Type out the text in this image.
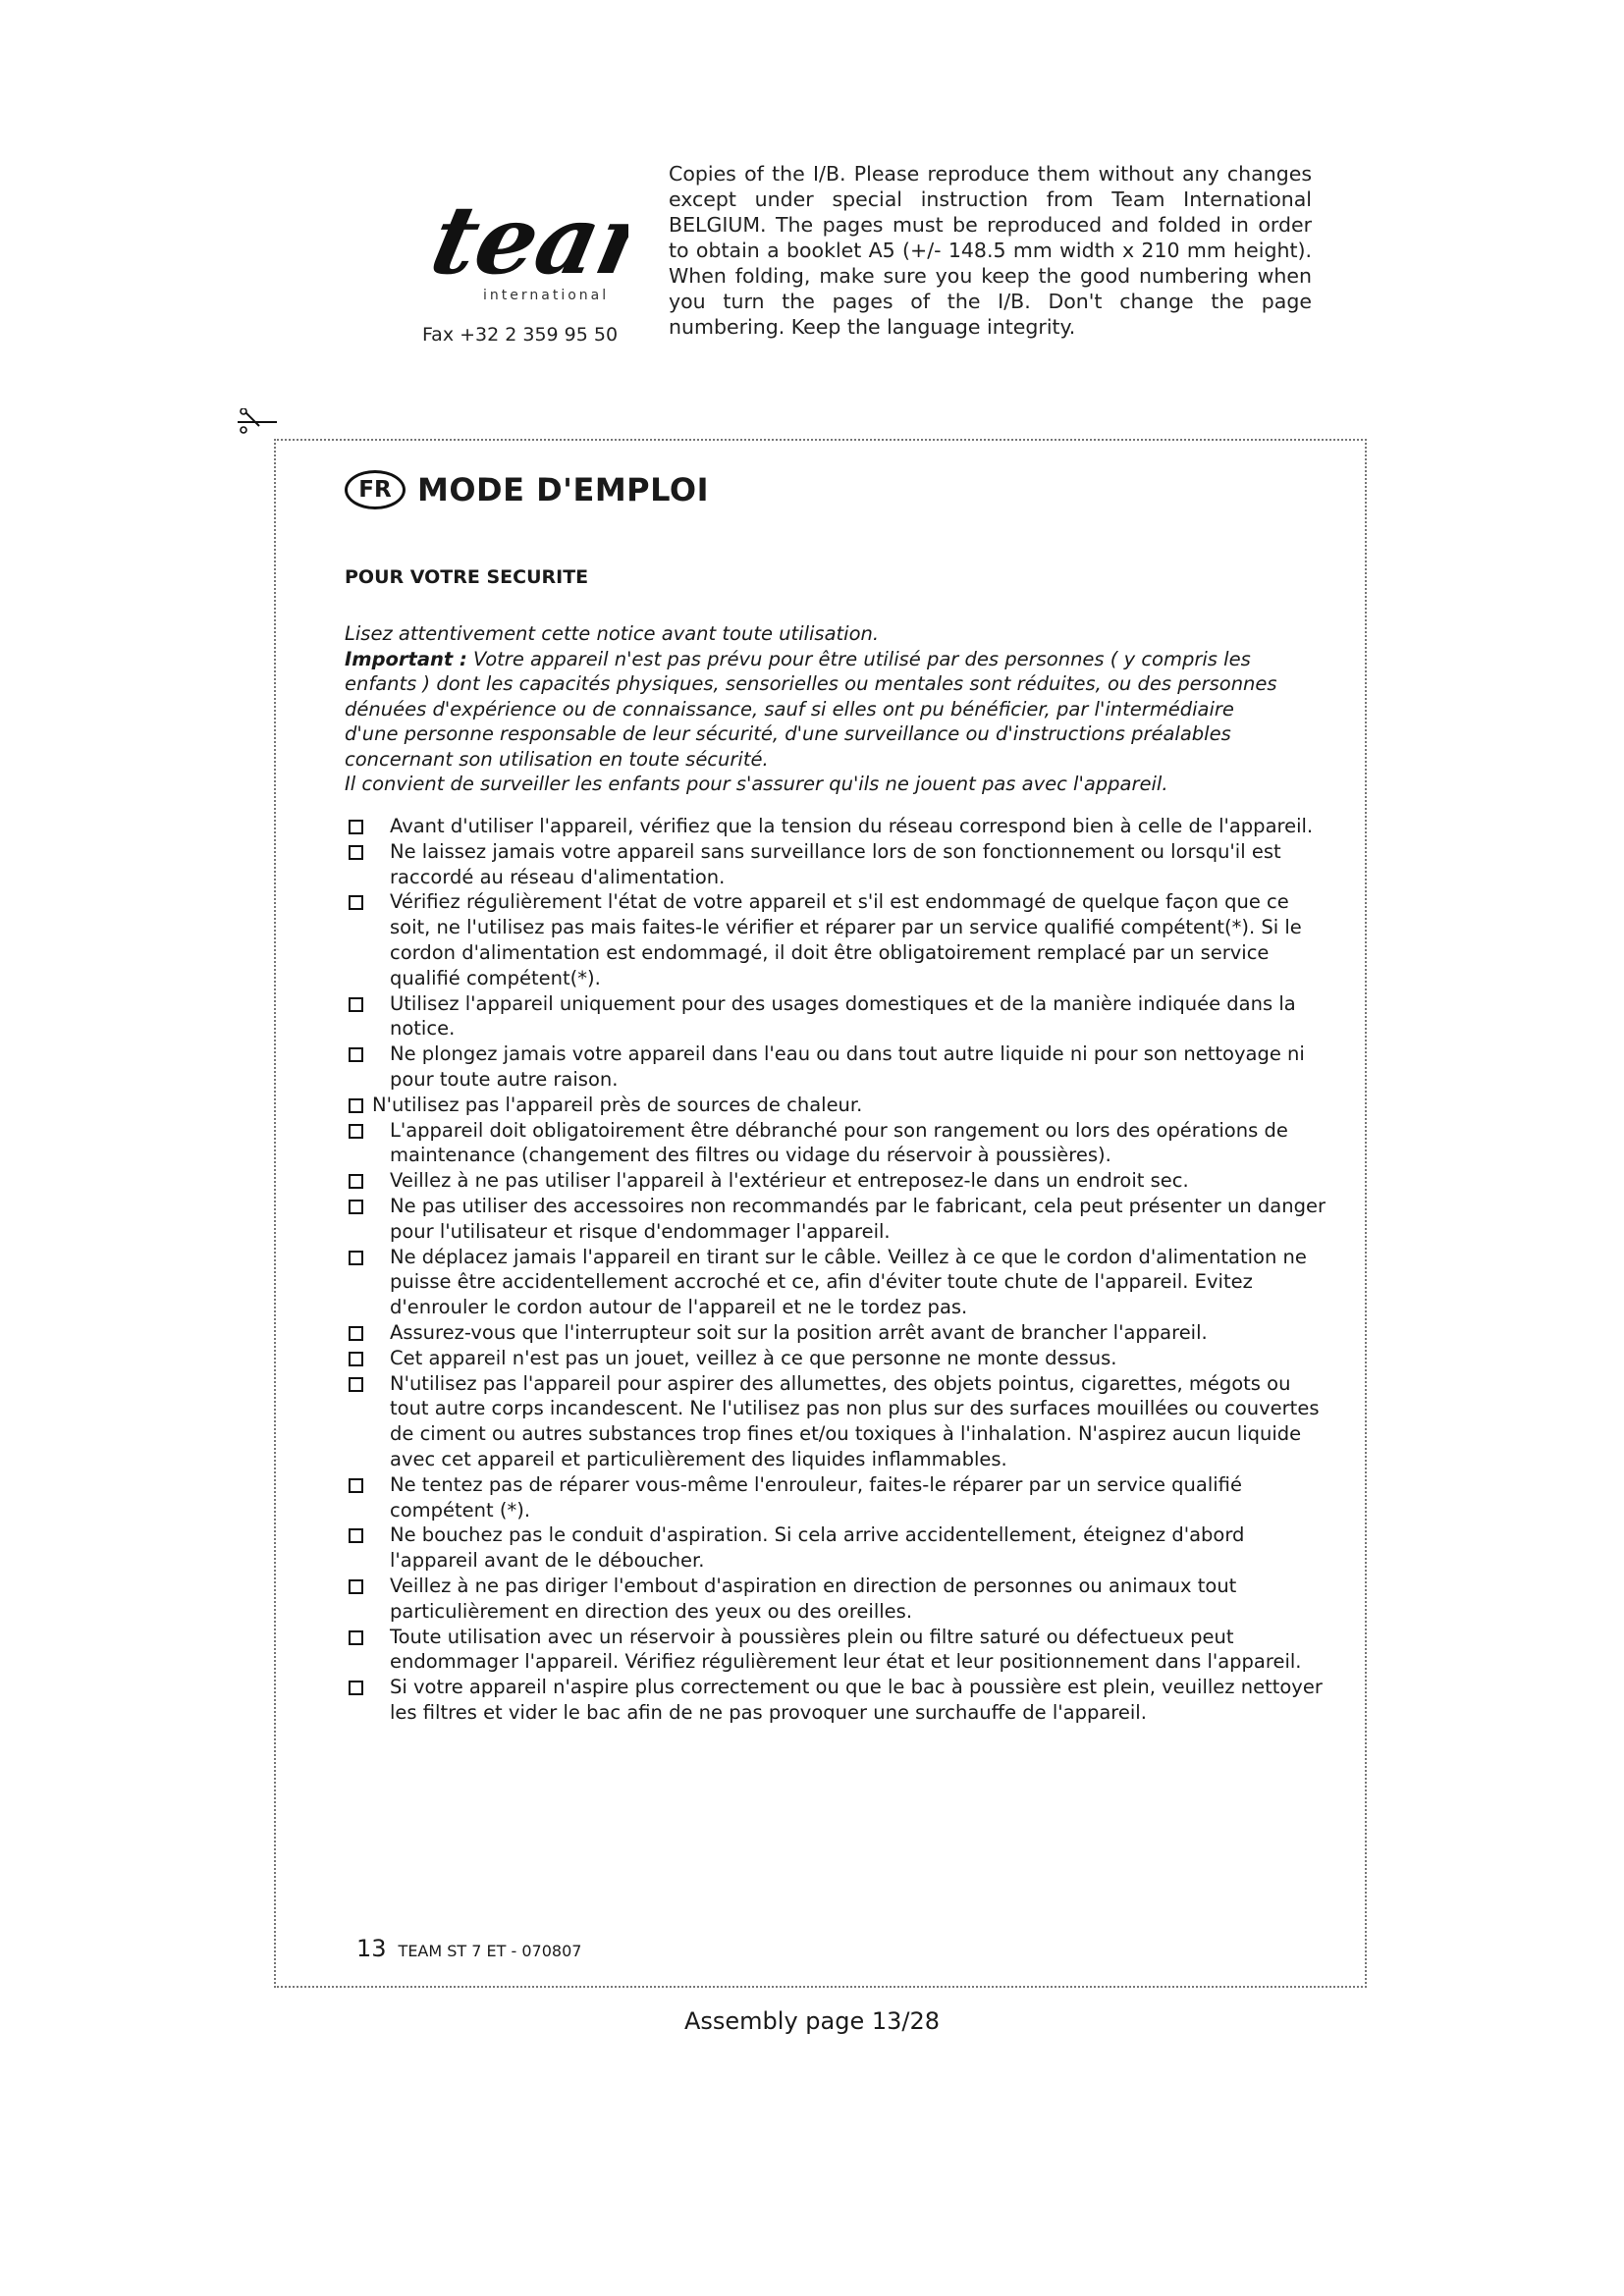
team
international
Fax +32 2 359 95 50
Copies of the I/B. Please reproduce them without any changes except under special instruction from Team International BELGIUM. The pages must be reproduced and folded in order to obtain a booklet A5 (+/- 148.5 mm width x 210 mm height). When folding, make sure you keep the good numbering when you turn the pages of the I/B. Don't change the page numbering. Keep the language integrity.
FR MODE D'EMPLOI
POUR VOTRE SECURITE

Lisez attentivement cette notice avant toute utilisation.

Important : Votre appareil n'est pas prévu pour être utilisé par des personnes ( y compris les enfants ) dont les capacités physiques, sensorielles ou mentales sont réduites, ou des personnes dénuées d'expérience ou de connaissance, sauf si elles ont pu bénéficier, par l'intermédiaire d'une personne responsable de leur sécurité, d'une surveillance ou d'instructions préalables concernant son utilisation en toute sécurité.

Il convient de surveiller les enfants pour s'assurer qu'ils ne jouent pas avec l'appareil.

Avant d'utiliser l'appareil, vérifiez que la tension du réseau correspond bien à celle de l'appareil.
Ne laissez jamais votre appareil sans surveillance lors de son fonctionnement ou lorsqu'il est raccordé au réseau d'alimentation.
Vérifiez régulièrement l'état de votre appareil et s'il est endommagé de quelque façon que ce soit, ne l'utilisez pas mais faites-le vérifier et réparer par un service qualifié compétent(*). Si le cordon d'alimentation est endommagé, il doit être obligatoirement remplacé par un service qualifié compétent(*).
Utilisez l'appareil uniquement pour des usages domestiques et de la manière indiquée dans la notice.
Ne plongez jamais votre appareil dans l'eau ou dans tout autre liquide ni pour son nettoyage ni pour toute autre raison.
N'utilisez pas l'appareil près de sources de chaleur.
L'appareil doit obligatoirement être débranché pour son rangement ou lors des opérations de maintenance (changement des filtres ou vidage du réservoir à poussières).
Veillez à ne pas utiliser l'appareil à l'extérieur et entreposez-le dans un endroit sec.
Ne pas utiliser des accessoires non recommandés par le fabricant, cela peut présenter un danger pour l'utilisateur et risque d'endommager l'appareil.
Ne déplacez jamais l'appareil en tirant sur le câble. Veillez à ce que le cordon d'alimentation ne puisse être accidentellement accroché et ce, afin d'éviter toute chute de l'appareil. Evitez d'enrouler le cordon autour de l'appareil et ne le tordez pas.
Assurez-vous que l'interrupteur soit sur la position arrêt avant de brancher l'appareil.
Cet appareil n'est pas un jouet, veillez à ce que personne ne monte dessus.
N'utilisez pas l'appareil pour aspirer des allumettes, des objets pointus, cigarettes, mégots ou tout autre corps incandescent. Ne l'utilisez pas non plus sur des surfaces mouillées ou couvertes de ciment ou autres substances trop fines et/ou toxiques à l'inhalation. N'aspirez aucun liquide avec cet appareil et particulièrement des liquides inflammables.
Ne tentez pas de réparer vous-même l'enrouleur, faites-le réparer par un service qualifié compétent (*).
Ne bouchez pas le conduit d'aspiration. Si cela arrive accidentellement, éteignez d'abord l'appareil avant de le déboucher.
Veillez à ne pas diriger l'embout d'aspiration en direction de personnes ou animaux tout particulièrement en direction des yeux ou des oreilles.
Toute utilisation avec un réservoir à poussières plein ou filtre saturé ou défectueux peut endommager l'appareil. Vérifiez régulièrement leur état et leur positionnement dans l'appareil.
Si votre appareil n'aspire plus correctement ou que le bac à poussière est plein, veuillez nettoyer les filtres et vider le bac afin de ne pas provoquer une surchauffe de l'appareil.
13 TEAM ST 7 ET - 070807
Assembly page 13/28
